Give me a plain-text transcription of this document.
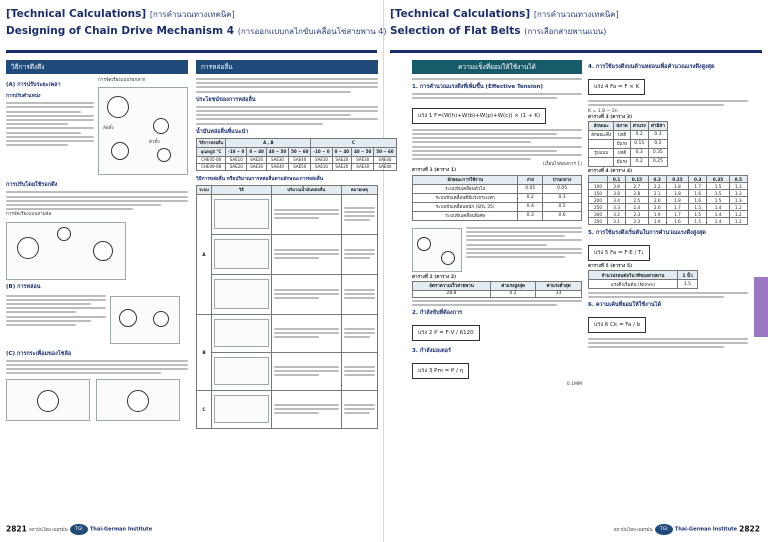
[Technical Calculations] [การคำนวณทางเทคนิค]
Designing of Chain Drive Mechanism 4 (การออกแบบกลไกขับเคลื่อนโซ่สายพาน 4)
วิธีการดึงตึง
(A) การปรับระยะเพลา
การปรับตำแหน่ง
การจัดเรียงแบบรอกลาก
ล้อตั้ง
ตัวตั้ง
การปรับโดยใช้รอกดึง
การจัดเรียงแบบสามล้อ
(B) การหล่อน
(C) การกระเพื่อมของโซ่ล้อ
การหล่อลื่น
ประโยชน์ของการหล่อลื่น
น้ำมันหล่อลื่นที่แนะนำ
วิธีการหล่อลื่น	A , B				C			
อุณหภูมิ °C	-10 ~ 0	0 ~ 40	40 ~ 50	50 ~ 60	-10 ~ 0	0 ~ 40	40 ~ 50	50 ~ 60
CHE05-08	SAE10	SAE20	SAE30	SAE40	SAE10	SAE20	SAE30	SAE40
CHE09-08	SAE20	SAE30	SAE40	SAE50	SAE10	SAE20	SAE30	SAE40
วิธีการหล่อลื่น หรือปริมาณการหล่อลื่นตามลักษณะการหล่อลื่น
ระบบ	วิธี	ปริมาณน้ำมันหล่อลื่น	หมายเหตุ
A	

B	

C	

2821 สถาบันไทย-เยอรมัน TGI Thai-German Institute
[Technical Calculations] [การคำนวณทางเทคนิค]
Selection of Flat Belts (การเลือกสายพานแบน)
ความแข็งที่ยอมให้ใช้งานได้
1. การคำนวณแรงดึงที่เพิ่มขึ้น (Effective Tension)
แรง 1 F=(W(h)+W(b)+W(p)+W(c)) × (1 + K)
(เงื่อนไขของการ 1)
ตารางที่ 1 (ตาราง 1)
ลักษณะการใช้งาน	ง่าย	ปานกลาง
ระบบขับเคลื่อนทั่วไป	0.05	0.05
ระบบขับเคลื่อนที่มีแรงกระแทก	0.2	0.3
ระบบขับเคลื่อนหนัก (SRL 35)	0.4	0.5
ระบบขับเคลื่อนพิเศษ	0.3	0.6
ตารางที่ 2 (ตาราง 2)
อัตราความเร็วสายพาน	ค่าแรงสูงสุด	ค่าแรงต่ำสุด
28.8	0.2	33
2. กำลังขับที่ต้องการ
แรง 2 P = F·V / 6120
3. กำลังมอเตอร์
แรง 3 Pm = P / η
0.1MM
4. การใช้แรงดึงบนด้านหย่อนเพื่อคำนวณแรงดึงสูงสุด
แรง 4 Fa = F × K
K = 1.8 ~ 2n
ตารางที่ 3 (ตาราง 3)
ลักษณะ	สภาพ	ค่าแรง	ค่ามีค่า
ลักษณะดึง	ปกติ	0.2	0.3
	มีแรง	0.15	0.2
รูปแบบ	ปกติ	0.3	0.35
	มีแรง	0.2	0.25
ตารางที่ 4 (ตาราง 4)
	0.1	0.15	0.2	0.25	0.3	0.35	0.5
100	3.8	2.7	2.2	1.8	1.7	1.5	1.3
150	3.8	2.8	2.1	1.8	1.6	1.5	1.3
200	3.4	2.5	2.0	1.8	1.6	1.5	1.3
250	3.3	2.4	2.0	1.7	1.5	1.4	1.2
300	3.2	2.3	1.9	1.7	1.5	1.4	1.2
350	3.1	2.3	1.9	1.6	1.5	1.4	1.2
5. การใช้แรงดึงเริ่มต้นในการคำนวณแรงดึงสูงสุด
แรง 5 Fa = F·E / T₁
ตารางที่ 5 (ตาราง 5)
จำนวนรอบต่อวินาทีของสายพาน	1 นิ้ว
แรงดึงเริ่มต้น (N/mm)	1.5
6. ความเค้นที่ยอมให้ใช้งานได้
แรง 6 Ck = Fa / b
สถาบันไทย-เยอรมัน TGI Thai-German Institute 2822
